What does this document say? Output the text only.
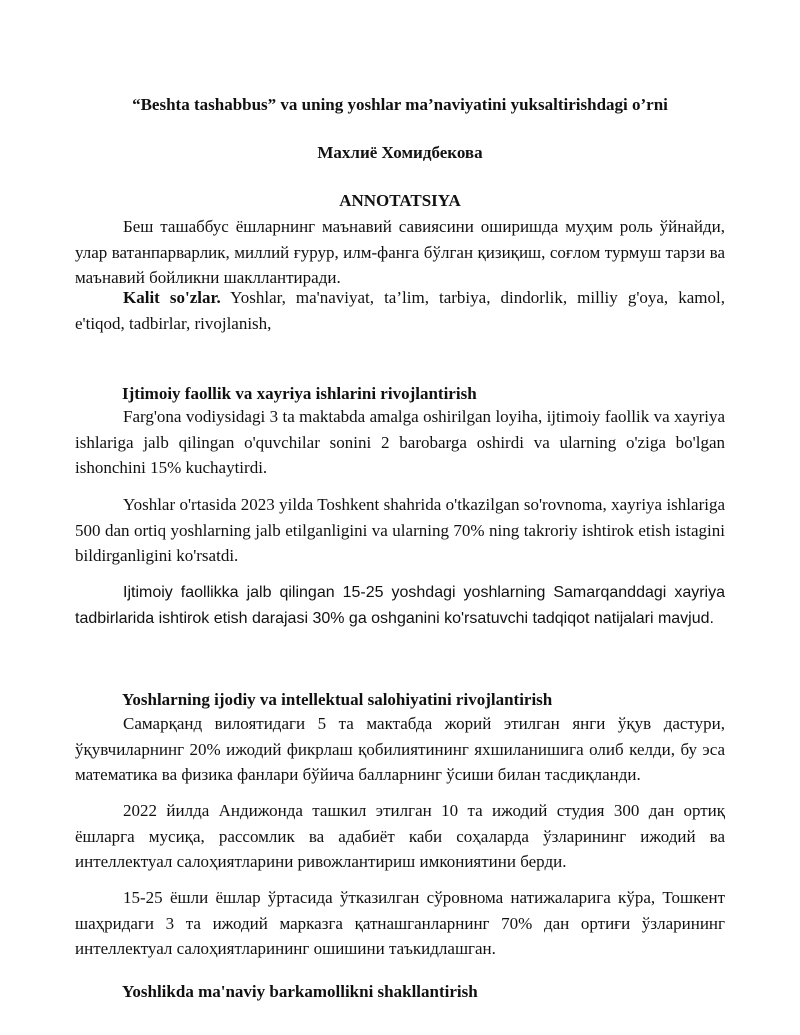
“Beshta tashabbus” va uning yoshlar ma’naviyatini yuksaltirishdagi o’rni
Махлиё Хомидбекова
ANNOTATSIYA
Беш ташаббус ёшларнинг маънавий савиясини оширишда муҳим роль ўйнайди, улар ватанпарварлик, миллий ғурур, илм-фанга бўлган қизиқиш, соғлом турмуш тарзи ва маънавий бойликни шакллантиради.
Kalit so'zlar. Yoshlar, ma'naviyat, ta’lim, tarbiya, dindorlik, milliy g'oya, kamol, e'tiqod, tadbirlar, rivojlanish,
Ijtimoiy faollik va xayriya ishlarini rivojlantirish
Farg'ona vodiysidagi 3 ta maktabda amalga oshirilgan loyiha, ijtimoiy faollik va xayriya ishlariga jalb qilingan o'quvchilar sonini 2 barobarga oshirdi va ularning o'ziga bo'lgan ishonchini 15% kuchaytirdi.
Yoshlar o'rtasida 2023 yilda Toshkent shahrida o'tkazilgan so'rovnoma, xayriya ishlariga 500 dan ortiq yoshlarning jalb etilganligini va ularning 70% ning takroriy ishtirok etish istagini bildirganligini ko'rsatdi.
Ijtimoiy faollikka jalb qilingan 15-25 yoshdagi yoshlarning Samarqanddagi xayriya tadbirlarida ishtirok etish darajasi 30% ga oshganini ko'rsatuvchi tadqiqot natijalari mavjud.
Yoshlarning ijodiy va intellektual salohiyatini rivojlantirish
Самарқанд вилоятидаги 5 та мактабда жорий этилган янги ўқув дастури, ўқувчиларнинг 20% ижодий фикрлаш қобилиятининг яхшиланишига олиб келди, бу эса математика ва физика фанлари бўйича балларнинг ўсиши билан тасдиқланди.
2022 йилда Андижонда ташкил этилган 10 та ижодий студия 300 дан ортиқ ёшларга мусиқа, рассомлик ва адабиёт каби соҳаларда ўзларининг ижодий ва интеллектуал салоҳиятларини ривожлантириш имкониятини берди.
15-25 ёшли ёшлар ўртасида ўтказилган сўровнома натижаларига кўра, Тошкент шаҳридаги 3 та ижодий марказга қатнашганларнинг 70% дан ортиғи ўзларининг интеллектуал салоҳиятларининг ошишини таъкидлашган.
Yoshlikda ma'naviy barkamollikni shakllantirish
